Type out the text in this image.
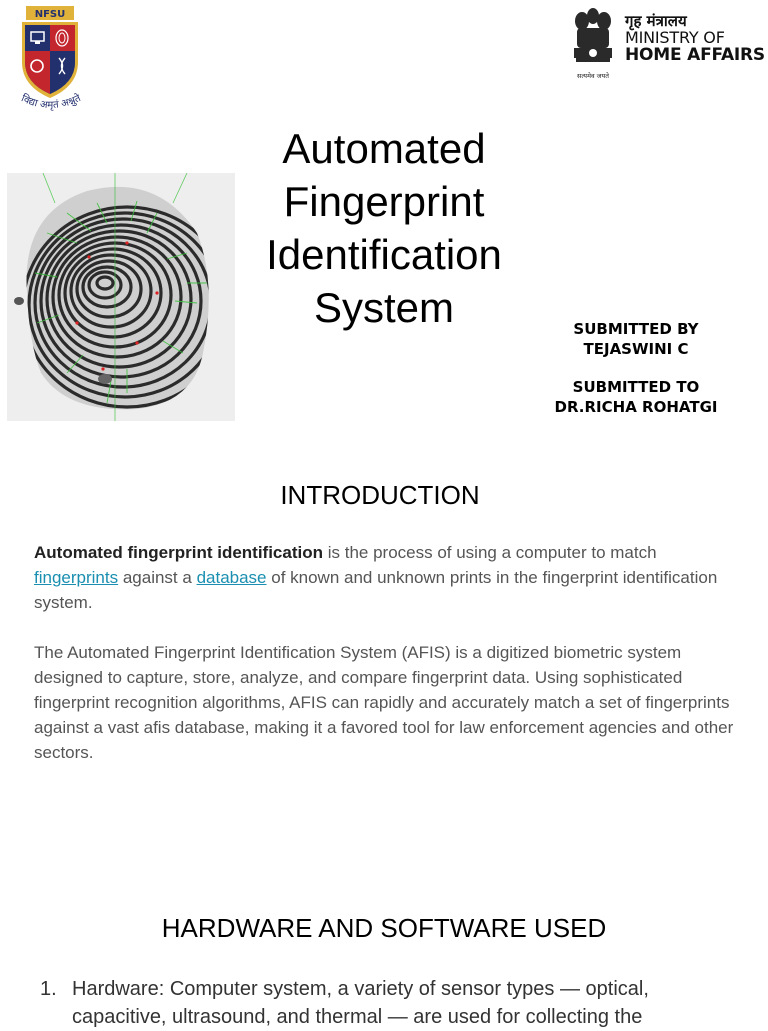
NFSU
विद्या अमृतं अश्नुते
सत्यमेव जयते
गृह मंत्रालय
MINISTRY OF
HOME AFFAIRS
Automated
Fingerprint
Identification
System	SUBMITTED BY
TEJASWINI C
SUBMITTED TO
DR.RICHA ROHATGI
INTRODUCTION

Automated fingerprint identification is the process of using a computer to match fingerprints against a database of known and unknown prints in the fingerprint identification system.

The Automated Fingerprint Identification System (AFIS) is a digitized biometric system designed to capture, store, analyze, and compare fingerprint data. Using sophisticated fingerprint recognition algorithms, AFIS can rapidly and accurately match a set of fingerprints against a vast afis database, making it a favored tool for law enforcement agencies and other sectors.

HARDWARE AND SOFTWARE USED
1. Hardware: Computer system, a variety of sensor types — optical, capacitive, ultrasound, and thermal — are used for collecting the
